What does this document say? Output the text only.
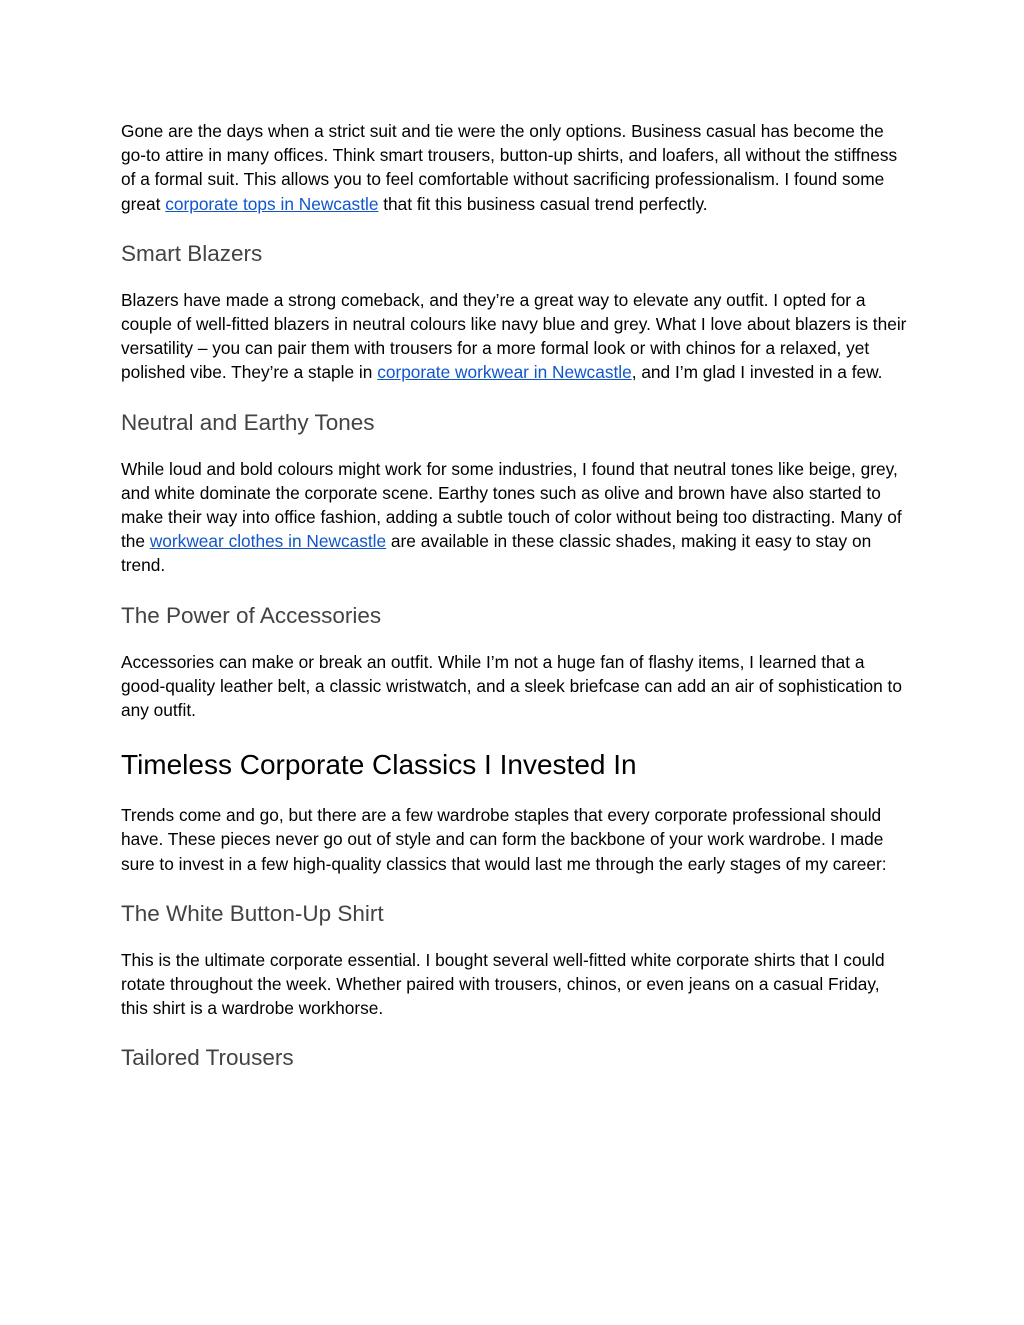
Gone are the days when a strict suit and tie were the only options. Business casual has become the go-to attire in many offices. Think smart trousers, button-up shirts, and loafers, all without the stiffness of a formal suit. This allows you to feel comfortable without sacrificing professionalism. I found some great corporate tops in Newcastle that fit this business casual trend perfectly.

Smart Blazers

Blazers have made a strong comeback, and they’re a great way to elevate any outfit. I opted for a couple of well-fitted blazers in neutral colours like navy blue and grey. What I love about blazers is their versatility – you can pair them with trousers for a more formal look or with chinos for a relaxed, yet polished vibe. They’re a staple in corporate workwear in Newcastle, and I’m glad I invested in a few.

Neutral and Earthy Tones

While loud and bold colours might work for some industries, I found that neutral tones like beige, grey, and white dominate the corporate scene. Earthy tones such as olive and brown have also started to make their way into office fashion, adding a subtle touch of color without being too distracting. Many of the workwear clothes in Newcastle are available in these classic shades, making it easy to stay on trend.

The Power of Accessories

Accessories can make or break an outfit. While I’m not a huge fan of flashy items, I learned that a good-quality leather belt, a classic wristwatch, and a sleek briefcase can add an air of sophistication to any outfit.

Timeless Corporate Classics I Invested In

Trends come and go, but there are a few wardrobe staples that every corporate professional should have. These pieces never go out of style and can form the backbone of your work wardrobe. I made sure to invest in a few high-quality classics that would last me through the early stages of my career:

The White Button-Up Shirt

This is the ultimate corporate essential. I bought several well-fitted white corporate shirts that I could rotate throughout the week. Whether paired with trousers, chinos, or even jeans on a casual Friday, this shirt is a wardrobe workhorse.

Tailored Trousers
